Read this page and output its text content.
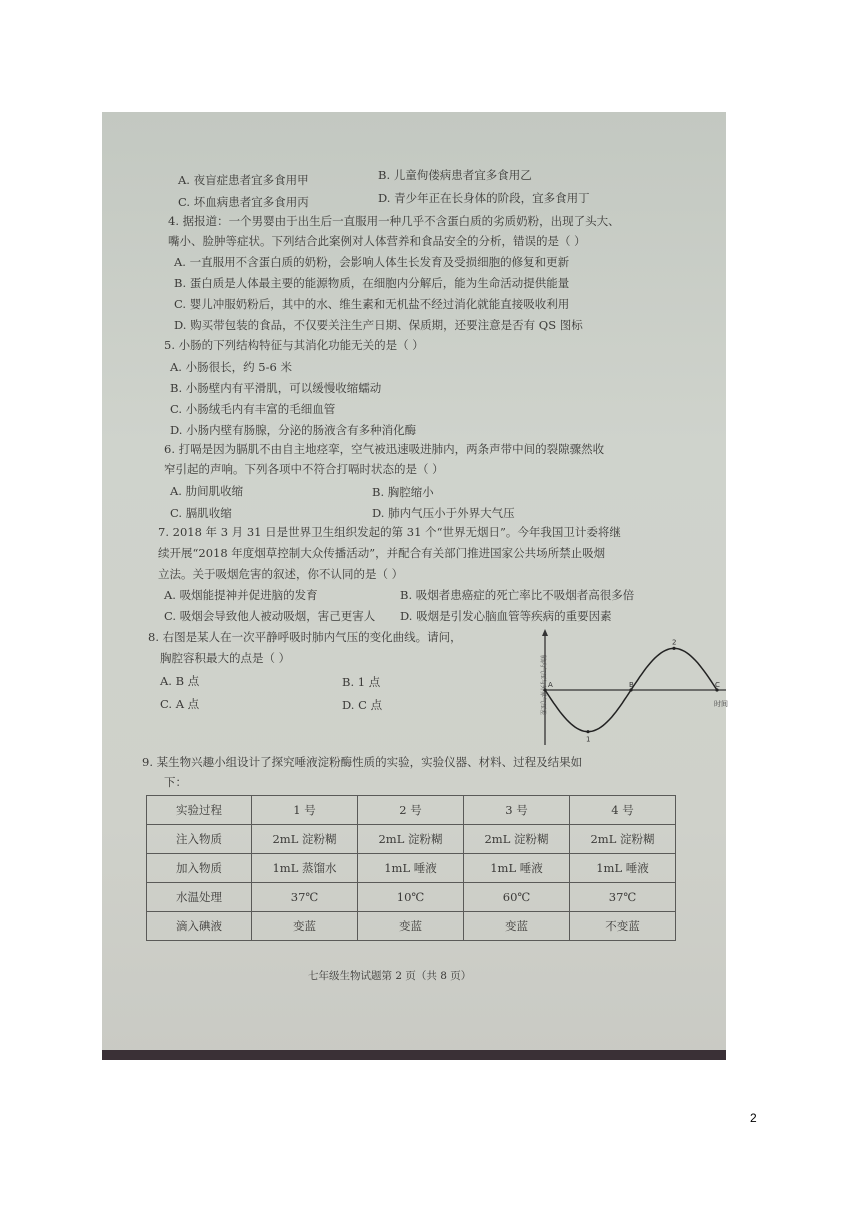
A. 夜盲症患者宜多食用甲	B. 儿童佝偻病患者宜多食用乙
C. 坏血病患者宜多食用丙	D. 青少年正在长身体的阶段，宜多食用丁
4. 据报道：一个男婴由于出生后一直服用一种几乎不含蛋白质的劣质奶粉，出现了头大、
嘴小、脸肿等症状。下列结合此案例对人体营养和食品安全的分析，错误的是（ ）
A. 一直服用不含蛋白质的奶粉，会影响人体生长发育及受损细胞的修复和更新
B. 蛋白质是人体最主要的能源物质，在细胞内分解后，能为生命活动提供能量
C. 婴儿冲服奶粉后，其中的水、维生素和无机盐不经过消化就能直接吸收利用
D. 购买带包装的食品，不仅要关注生产日期、保质期，还要注意是否有 QS 图标
5. 小肠的下列结构特征与其消化功能无关的是（ ）
A. 小肠很长，约 5-6 米
B. 小肠壁内有平滑肌，可以缓慢收缩蠕动
C. 小肠绒毛内有丰富的毛细血管
D. 小肠内壁有肠腺，分泌的肠液含有多种消化酶
6. 打嗝是因为膈肌不由自主地痉挛，空气被迅速吸进肺内，两条声带中间的裂隙骤然收
窄引起的声响。下列各项中不符合打嗝时状态的是（ ）
A. 肋间肌收缩	B. 胸腔缩小
C. 膈肌收缩	D. 肺内气压小于外界大气压
7. 2018 年 3 月 31 日是世界卫生组织发起的第 31 个“世界无烟日”。今年我国卫计委将继
续开展“2018 年度烟草控制大众传播活动”，并配合有关部门推进国家公共场所禁止吸烟
立法。关于吸烟危害的叙述，你不认同的是（ ）
A. 吸烟能提神并促进脑的发育	B. 吸烟者患癌症的死亡率比不吸烟者高很多倍
C. 吸烟会导致他人被动吸烟，害己更害人 D. 吸烟是引发心脑血管等疾病的重要因素
8. 右图是某人在一次平静呼吸时肺内气压的变化曲线。请问，
胸腔容积最大的点是（ ）
A. B 点	B. 1 点
C. A 点	D. C 点
A
1
B
2
C
肺内气压与外界气压差	时间
9. 某生物兴趣小组设计了探究唾液淀粉酶性质的实验，实验仪器、材料、过程及结果如
下：
实验过程	1 号	2 号	3 号	4 号
注入物质	2mL 淀粉糊	2mL 淀粉糊	2mL 淀粉糊	2mL 淀粉糊
加入物质	1mL 蒸馏水	1mL 唾液	1mL 唾液	1mL 唾液
水温处理	37℃	10℃	60℃	37℃
滴入碘液	变蓝	变蓝	变蓝	不变蓝
七年级生物试题第 2 页（共 8 页）
2
